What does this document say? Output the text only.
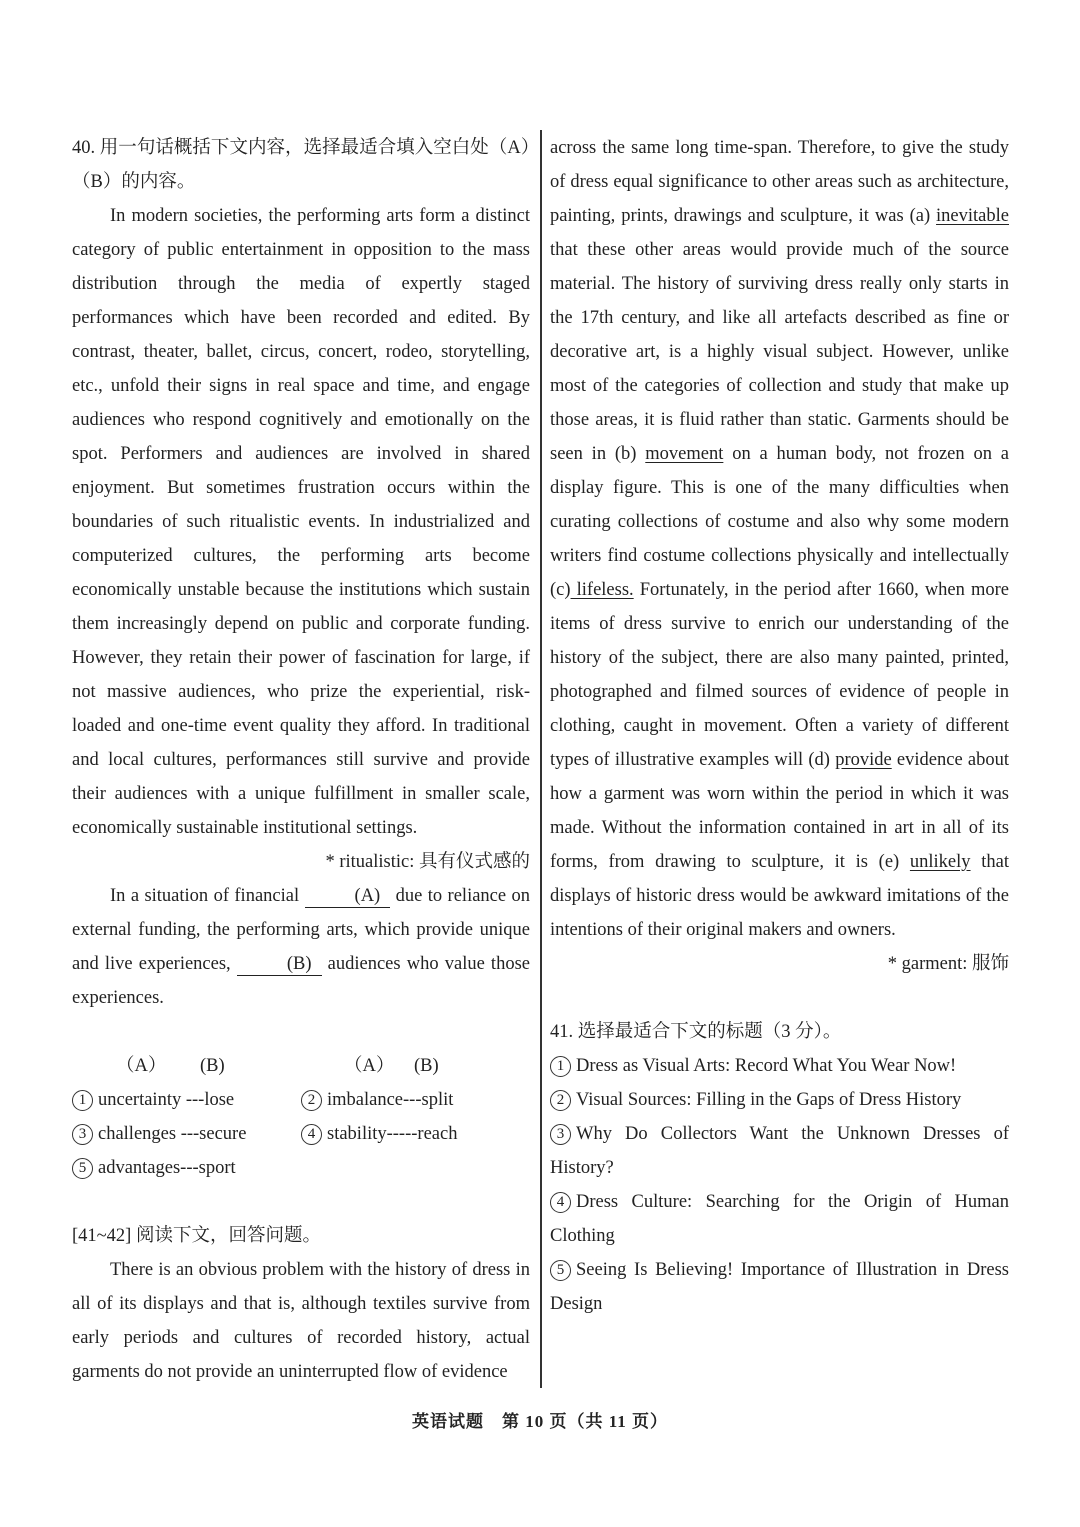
40. 用一句话概括下文内容，选择最适合填入空白处（A）（B）的内容。

In modern societies, the performing arts form a distinct category of public entertainment in opposition to the mass distribution through the media of expertly staged performances which have been recorded and edited. By contrast, theater, ballet, circus, concert, rodeo, storytelling, etc., unfold their signs in real space and time, and engage audiences who respond cognitively and emotionally on the spot. Performers and audiences are involved in shared enjoyment. But sometimes frustration occurs within the boundaries of such ritualistic events. In industrialized and computerized cultures, the performing arts become economically unstable because the institutions which sustain them increasingly depend on public and corporate funding. However, they retain their power of fascination for large, if not massive audiences, who prize the experiential, risk-loaded and one-time event quality they afford. In traditional and local cultures, performances still survive and provide their audiences with a unique fulfillment in smaller scale, economically sustainable institutional settings.

* ritualistic: 具有仪式感的

In a situation of financial	(A) due to reliance on external funding, the performing arts, which provide unique and live experiences,	(B) audiences who value those experiences.

（A） (B)	（A） (B)
1 uncertainty ---lose	2 imbalance---split
3 challenges ---secure	4 stability-----reach
5 advantages---sport

[41~42] 阅读下文，回答问题。

There is an obvious problem with the history of dress in all of its displays and that is, although textiles survive from early periods and cultures of recorded history, actual garments do not provide an uninterrupted flow of evidence

across the same long time-span. Therefore, to give the study of dress equal significance to other areas such as architecture, painting, prints, drawings and sculpture, it was (a) inevitable that these other areas would provide much of the source material. The history of surviving dress really only starts in the 17th century, and like all artefacts described as fine or decorative art, is a highly visual subject. However, unlike most of the categories of collection and study that make up those areas, it is fluid rather than static. Garments should be seen in (b) movement on a human body, not frozen on a display figure. This is one of the many difficulties when curating collections of costume and also why some modern writers find costume collections physically and intellectually (c) lifeless. Fortunately, in the period after 1660, when more items of dress survive to enrich our understanding of the history of the subject, there are also many painted, printed, photographed and filmed sources of evidence of people in clothing, caught in movement. Often a variety of different types of illustrative examples will (d) provide evidence about how a garment was worn within the period in which it was made. Without the information contained in art in all of its forms, from drawing to sculpture, it is (e) unlikely that displays of historic dress would be awkward imitations of the intentions of their original makers and owners.

* garment: 服饰

41. 选择最适合下文的标题（3 分）。

1 Dress as Visual Arts: Record What You Wear Now!

2 Visual Sources: Filling in the Gaps of Dress History

3 Why Do Collectors Want the Unknown Dresses of History?

4 Dress Culture: Searching for the Origin of Human Clothing

5 Seeing Is Believing! Importance of Illustration in Dress Design

英语试题　第 10 页（共 11 页）
